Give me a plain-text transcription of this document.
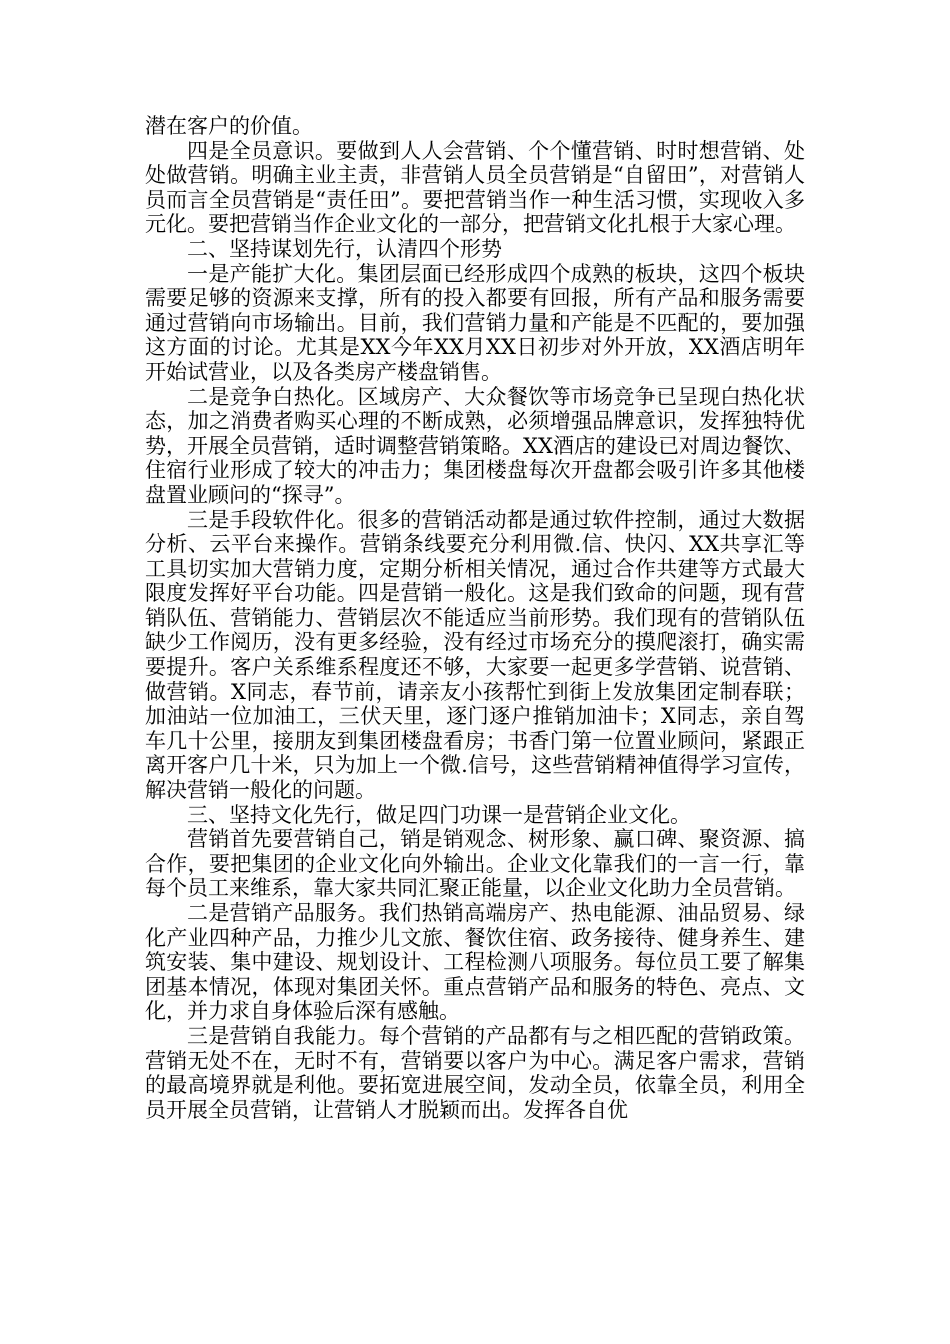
潜在客户的价值。

四是全员意识。要做到人人会营销、个个懂营销、时时想营销、处处做营销。明确主业主责，非营销人员全员营销是“自留田”，对营销人员而言全员营销是“责任田”。要把营销当作一种生活习惯，实现收入多元化。要把营销当作企业文化的一部分，把营销文化扎根于大家心理。

二、坚持谋划先行，认清四个形势

一是产能扩大化。集团层面已经形成四个成熟的板块，这四个板块需要足够的资源来支撑，所有的投入都要有回报，所有产品和服务需要通过营销向市场输出。目前，我们营销力量和产能是不匹配的，要加强这方面的讨论。尤其是XX今年XX月XX日初步对外开放，XX酒店明年开始试营业，以及各类房产楼盘销售。

二是竞争白热化。区域房产、大众餐饮等市场竞争已呈现白热化状态，加之消费者购买心理的不断成熟，必须增强品牌意识，发挥独特优势，开展全员营销，适时调整营销策略。XX酒店的建设已对周边餐饮、住宿行业形成了较大的冲击力；集团楼盘每次开盘都会吸引许多其他楼盘置业顾问的“探寻”。

三是手段软件化。很多的营销活动都是通过软件控制，通过大数据分析、云平台来操作。营销条线要充分利用微.信、快闪、XX共享汇等工具切实加大营销力度，定期分析相关情况，通过合作共建等方式最大限度发挥好平台功能。四是营销一般化。这是我们致命的问题，现有营销队伍、营销能力、营销层次不能适应当前形势。我们现有的营销队伍缺少工作阅历，没有更多经验，没有经过市场充分的摸爬滚打，确实需要提升。客户关系维系程度还不够，大家要一起更多学营销、说营销、做营销。X同志，春节前，请亲友小孩帮忙到街上发放集团定制春联；加油站一位加油工，三伏天里，逐门逐户推销加油卡；X同志，亲自驾车几十公里，接朋友到集团楼盘看房；书香门第一位置业顾问，紧跟正离开客户几十米，只为加上一个微.信号，这些营销精神值得学习宣传，解决营销一般化的问题。

三、坚持文化先行，做足四门功课一是营销企业文化。

营销首先要营销自己，销是销观念、树形象、赢口碑、聚资源、搞合作，要把集团的企业文化向外输出。企业文化靠我们的一言一行，靠每个员工来维系，靠大家共同汇聚正能量，以企业文化助力全员营销。

二是营销产品服务。我们热销高端房产、热电能源、油品贸易、绿化产业四种产品，力推少儿文旅、餐饮住宿、政务接待、健身养生、建筑安装、集中建设、规划设计、工程检测八项服务。每位员工要了解集团基本情况，体现对集团关怀。重点营销产品和服务的特色、亮点、文化，并力求自身体验后深有感触。

三是营销自我能力。每个营销的产品都有与之相匹配的营销政策。营销无处不在，无时不有，营销要以客户为中心。满足客户需求，营销的最高境界就是利他。要拓宽进展空间，发动全员，依靠全员，利用全员开展全员营销，让营销人才脱颖而出。发挥各自优
